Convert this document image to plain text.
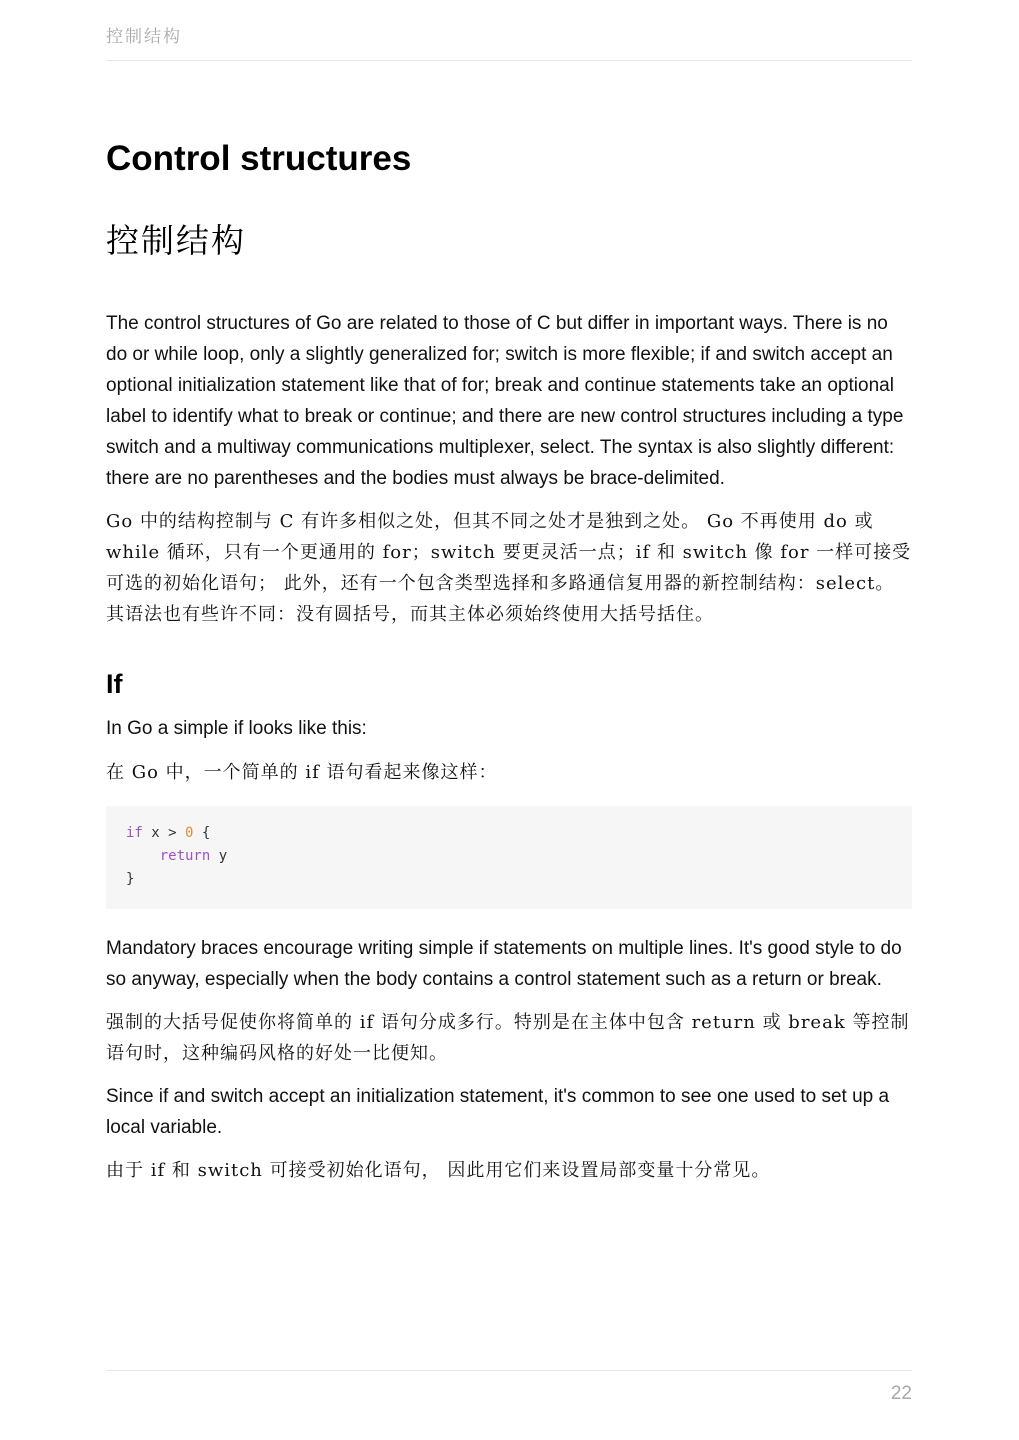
控制结构
Control structures
控制结构

The control structures of Go are related to those of C but differ in important ways. There is no do or while loop, only a slightly generalized for; switch is more flexible; if and switch accept an optional initialization statement like that of for; break and continue statements take an optional label to identify what to break or continue; and there are new control structures including a type switch and a multiway communications multiplexer, select. The syntax is also slightly different: there are no parentheses and the bodies must always be brace-delimited.

Go 中的结构控制与 C 有许多相似之处，但其不同之处才是独到之处。 Go 不再使用 do 或 while 循环，只有一个更通用的 for；switch 要更灵活一点；if 和 switch 像 for 一样可接受可选的初始化语句； 此外，还有一个包含类型选择和多路通信复用器的新控制结构：select。 其语法也有些许不同：没有圆括号，而其主体必须始终使用大括号括住。

If

In Go a simple if looks like this:

在 Go 中，一个简单的 if 语句看起来像这样：

if x > 0 {
return y
}

Mandatory braces encourage writing simple if statements on multiple lines. It's good style to do so anyway, especially when the body contains a control statement such as a return or break.

强制的大括号促使你将简单的 if 语句分成多行。特别是在主体中包含 return 或 break 等控制语句时，这种编码风格的好处一比便知。

Since if and switch accept an initialization statement, it's common to see one used to set up a local variable.

由于 if 和 switch 可接受初始化语句， 因此用它们来设置局部变量十分常见。

22
